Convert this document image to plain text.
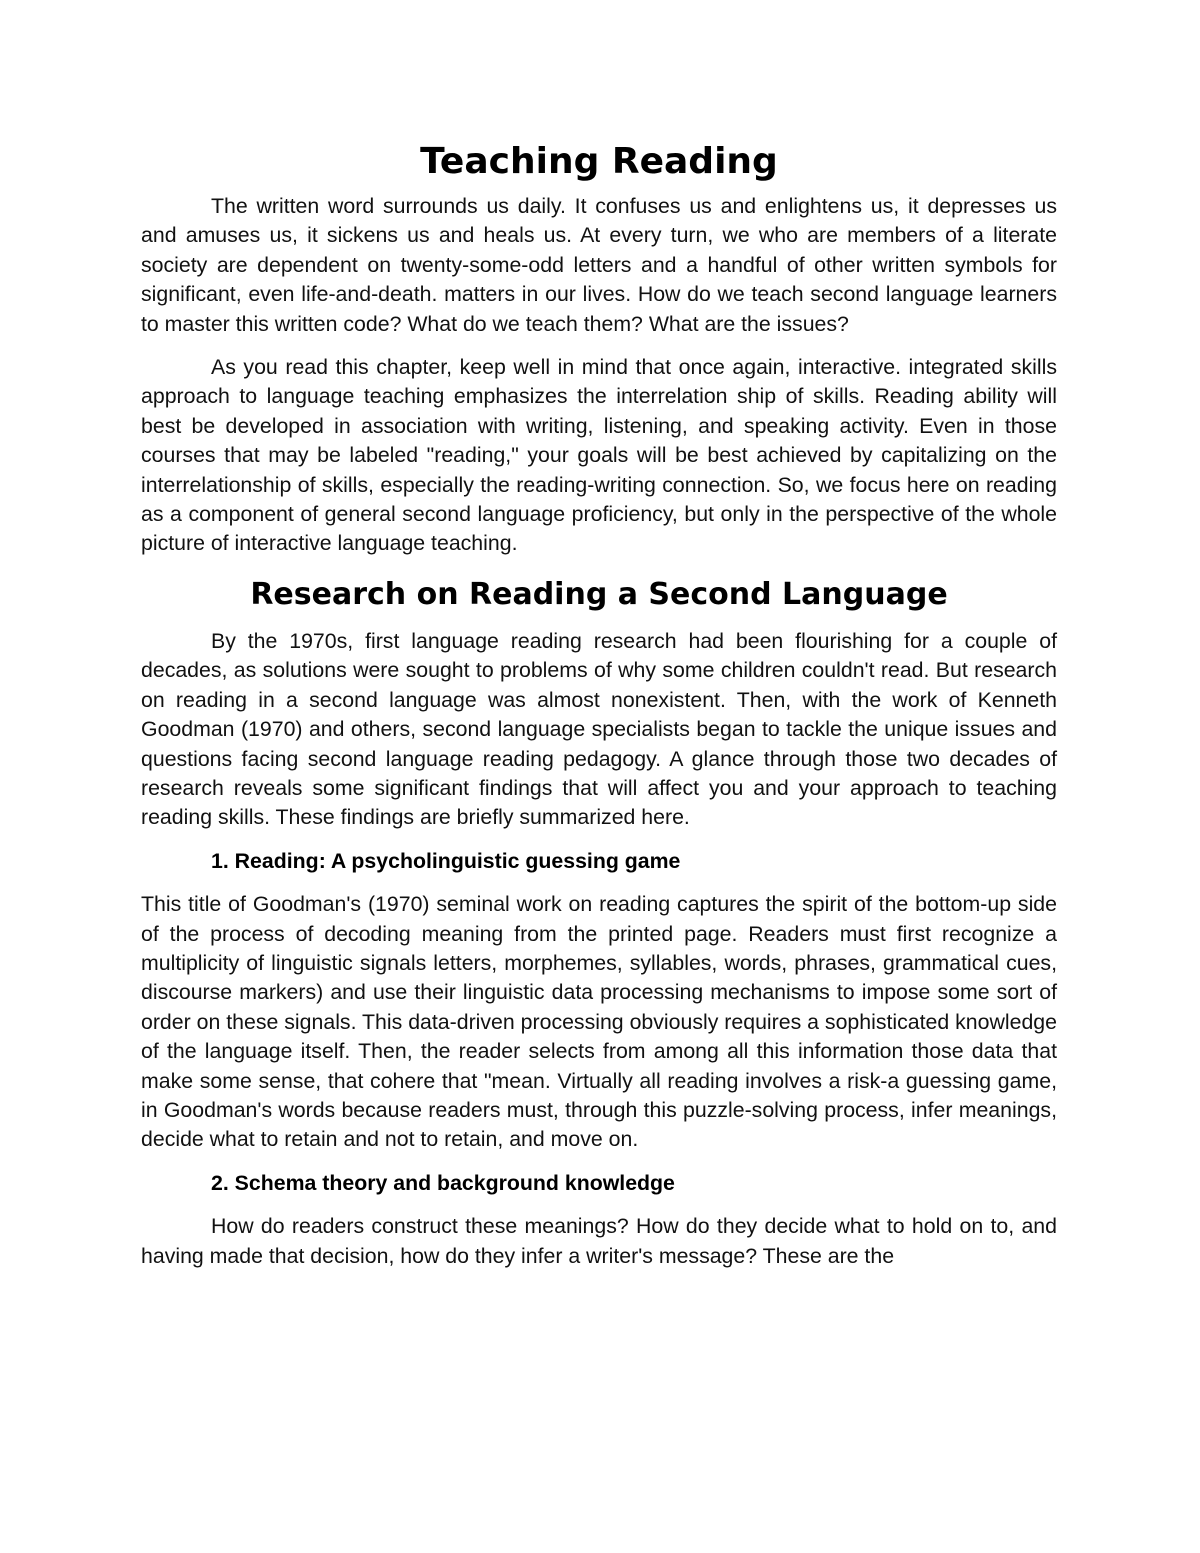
Teaching Reading

The written word surrounds us daily. It confuses us and enlightens us, it depresses us and amuses us, it sickens us and heals us. At every turn, we who are members of a literate society are dependent on twenty-some-odd letters and a handful of other written symbols for significant, even life-and-death. matters in our lives. How do we teach second language learners to master this written code? What do we teach them? What are the issues?

As you read this chapter, keep well in mind that once again, interactive. integrated skills approach to language teaching emphasizes the interrelation ship of skills. Reading ability will best be developed in association with writing, listening, and speaking activity. Even in those courses that may be labeled "reading," your goals will be best achieved by capitalizing on the interrelationship of skills, especially the reading-writing connection. So, we focus here on reading as a component of general second language proficiency, but only in the perspective of the whole picture of interactive language teaching.

Research on Reading a Second Language

By the 1970s, first language reading research had been flourishing for a couple of decades, as solutions were sought to problems of why some children couldn't read. But research on reading in a second language was almost nonexistent. Then, with the work of Kenneth Goodman (1970) and others, second language specialists began to tackle the unique issues and questions facing second language reading pedagogy. A glance through those two decades of research reveals some significant findings that will affect you and your approach to teaching reading skills. These findings are briefly summarized here.

1. Reading: A psycholinguistic guessing game

This title of Goodman's (1970) seminal work on reading captures the spirit of the bottom-up side of the process of decoding meaning from the printed page. Readers must first recognize a multiplicity of linguistic signals letters, morphemes, syllables, words, phrases, grammatical cues, discourse markers) and use their linguistic data processing mechanisms to impose some sort of order on these signals. This data-driven processing obviously requires a sophisticated knowledge of the language itself. Then, the reader selects from among all this information those data that make some sense, that cohere that "mean. Virtually all reading involves a risk-a guessing game, in Goodman's words because readers must, through this puzzle-solving process, infer meanings, decide what to retain and not to retain, and move on.

2. Schema theory and background knowledge

How do readers construct these meanings? How do they decide what to hold on to, and having made that decision, how do they infer a writer's message? These are the
